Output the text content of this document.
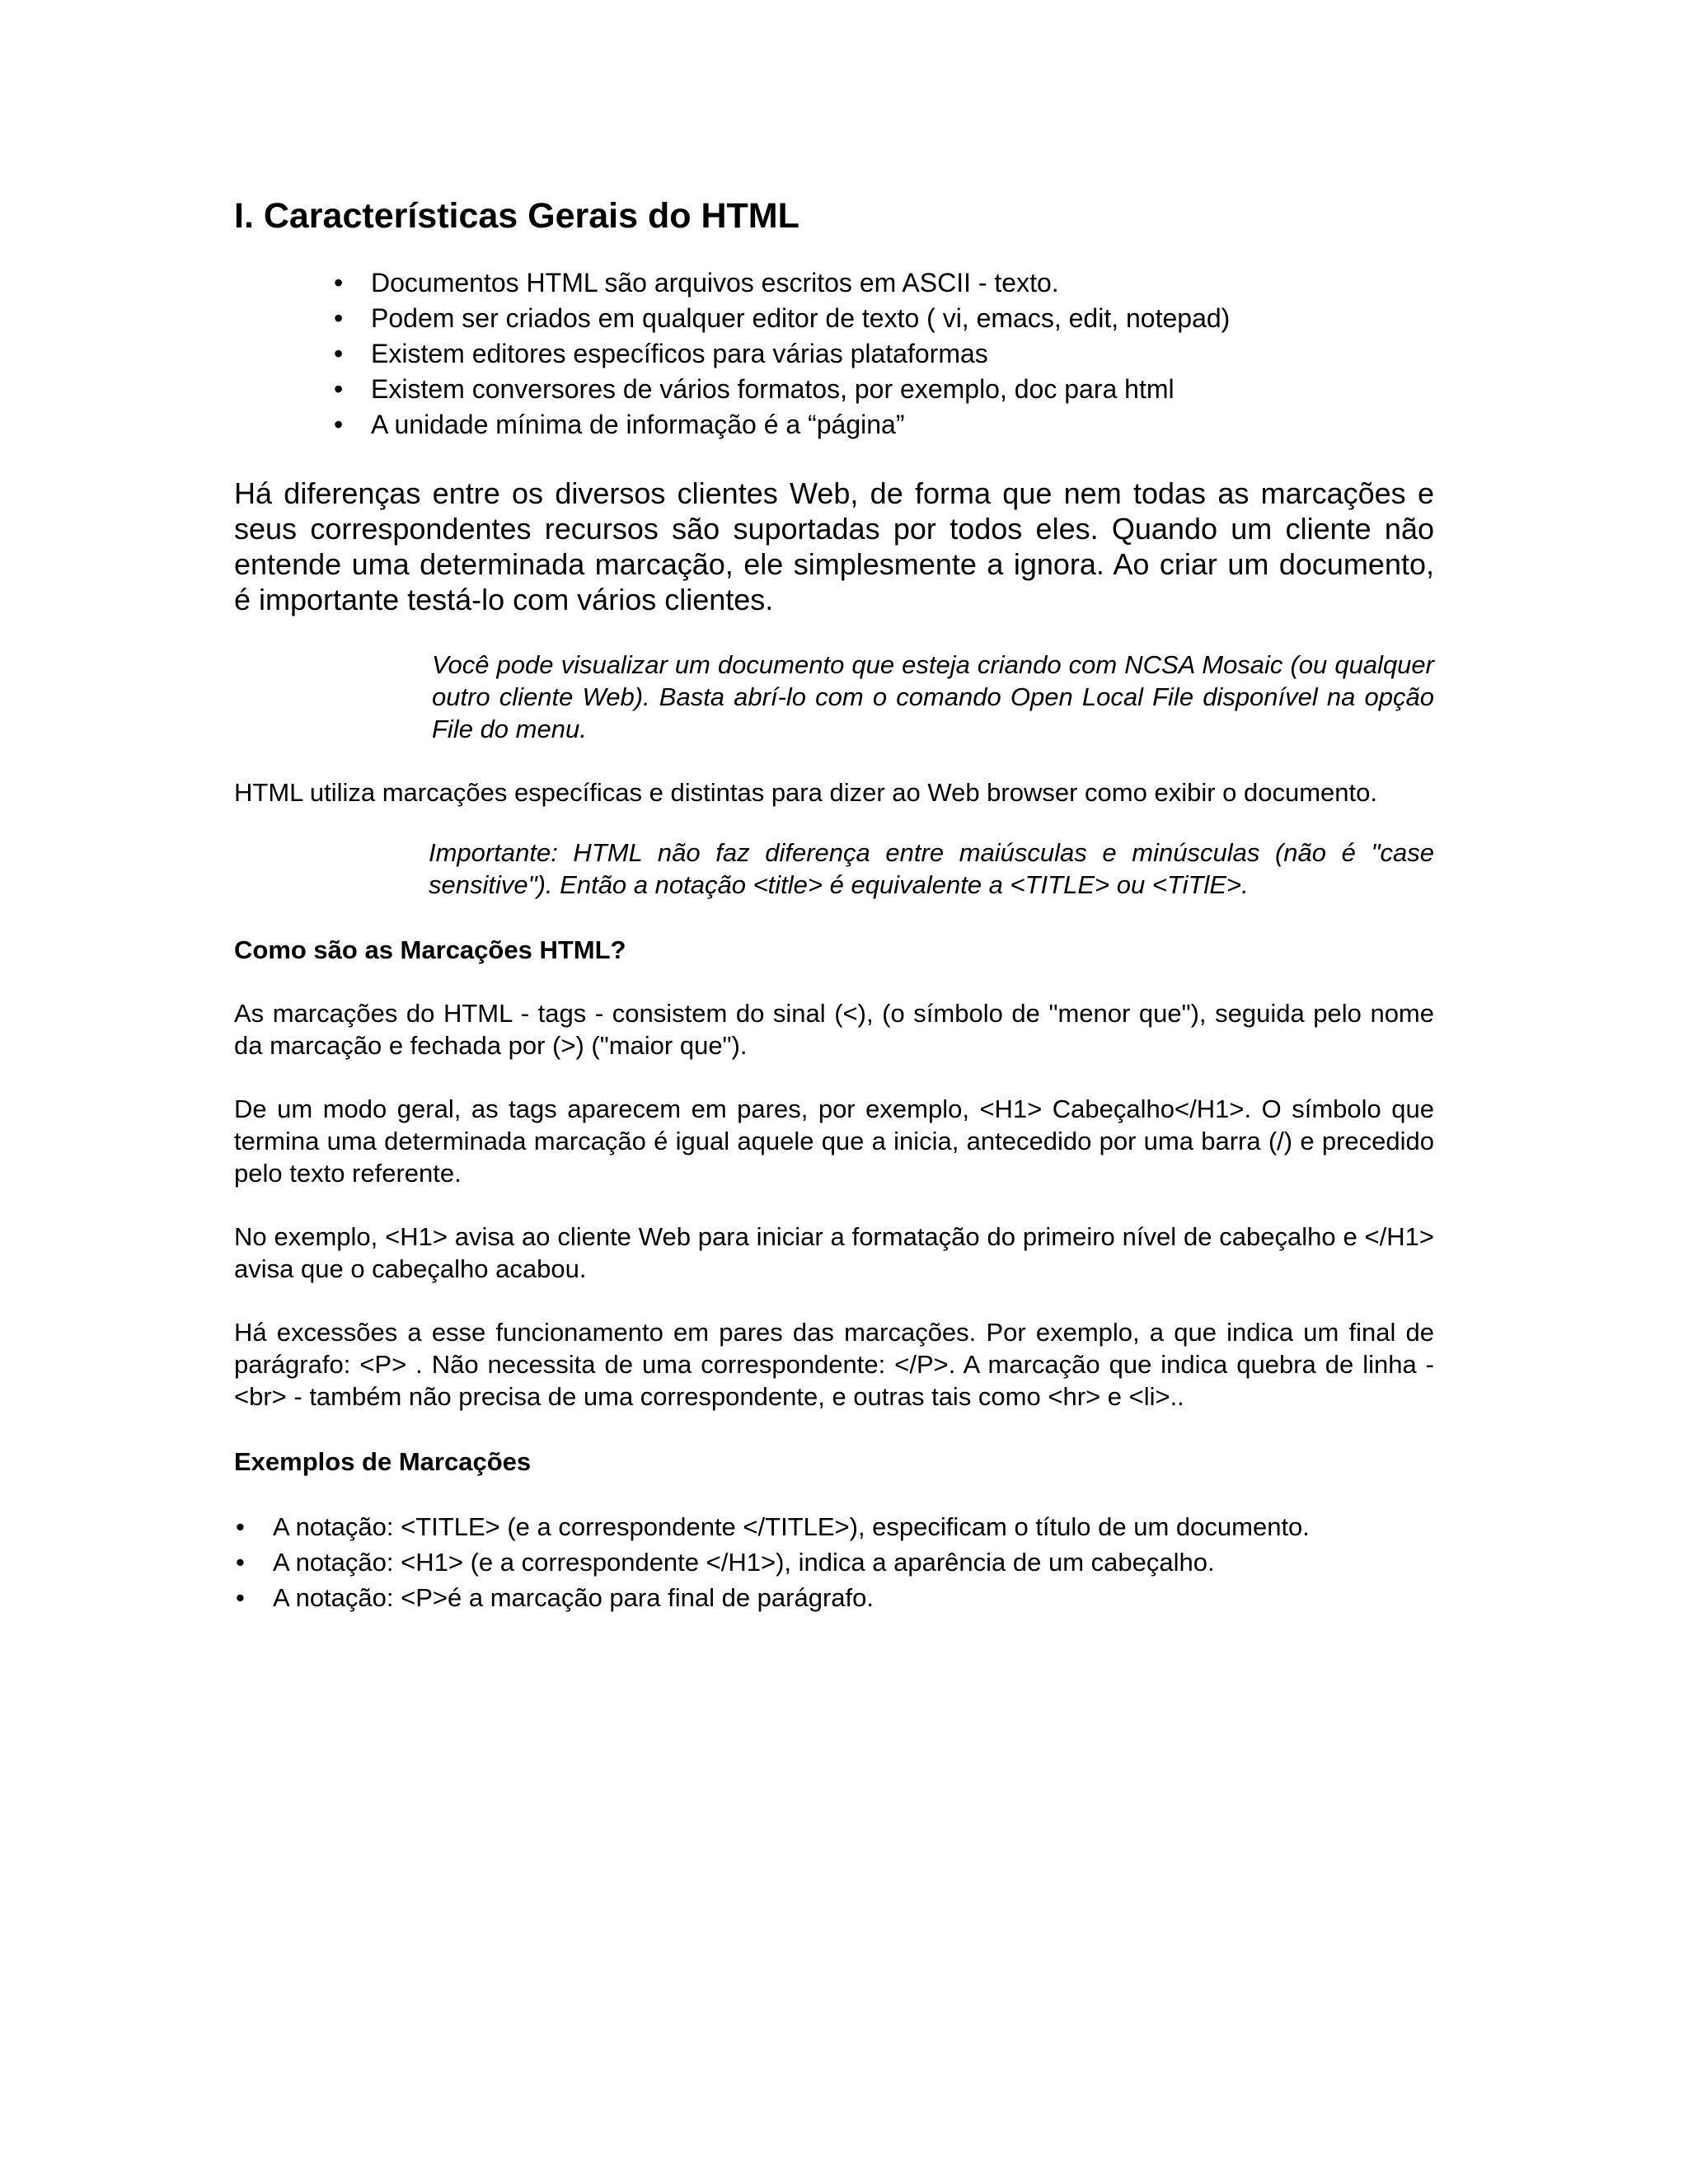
I. Características Gerais do HTML
• Documentos HTML são arquivos escritos em ASCII - texto.
• Podem ser criados em qualquer editor de texto ( vi, emacs, edit, notepad)
• Existem editores específicos para várias plataformas
• Existem conversores de vários formatos, por exemplo, doc para html
• A unidade mínima de informação é a “página”

Há diferenças entre os diversos clientes Web, de forma que nem todas as marcações e seus correspondentes recursos são suportadas por todos eles. Quando um cliente não entende uma determinada marcação, ele simplesmente a ignora. Ao criar um documento, é importante testá-lo com vários clientes.

Você pode visualizar um documento que esteja criando com NCSA Mosaic (ou qualquer outro cliente Web). Basta abrí-lo com o comando Open Local File disponível na opção File do menu.

HTML utiliza marcações específicas e distintas para dizer ao Web browser como exibir o documento.

Importante: HTML não faz diferença entre maiúsculas e minúsculas (não é "case sensitive"). Então a notação <title> é equivalente a <TITLE> ou <TiTlE>.

Como são as Marcações HTML?

As marcações do HTML - tags - consistem do sinal (<), (o símbolo de "menor que"), seguida pelo nome da marcação e fechada por (>) ("maior que").

De um modo geral, as tags aparecem em pares, por exemplo, <H1> Cabeçalho</H1>. O símbolo que termina uma determinada marcação é igual aquele que a inicia, antecedido por uma barra (/) e precedido pelo texto referente.

No exemplo, <H1> avisa ao cliente Web para iniciar a formatação do primeiro nível de cabeçalho e </H1> avisa que o cabeçalho acabou.

Há excessões a esse funcionamento em pares das marcações. Por exemplo, a que indica um final de parágrafo: <P> . Não necessita de uma correspondente: </P>. A marcação que indica quebra de linha - <br> - também não precisa de uma correspondente, e outras tais como <hr> e <li>..

Exemplos de Marcações

• A notação: <TITLE> (e a correspondente </TITLE>), especificam o título de um documento.
• A notação: <H1> (e a correspondente </H1>), indica a aparência de um cabeçalho.
• A notação: <P>é a marcação para final de parágrafo.
